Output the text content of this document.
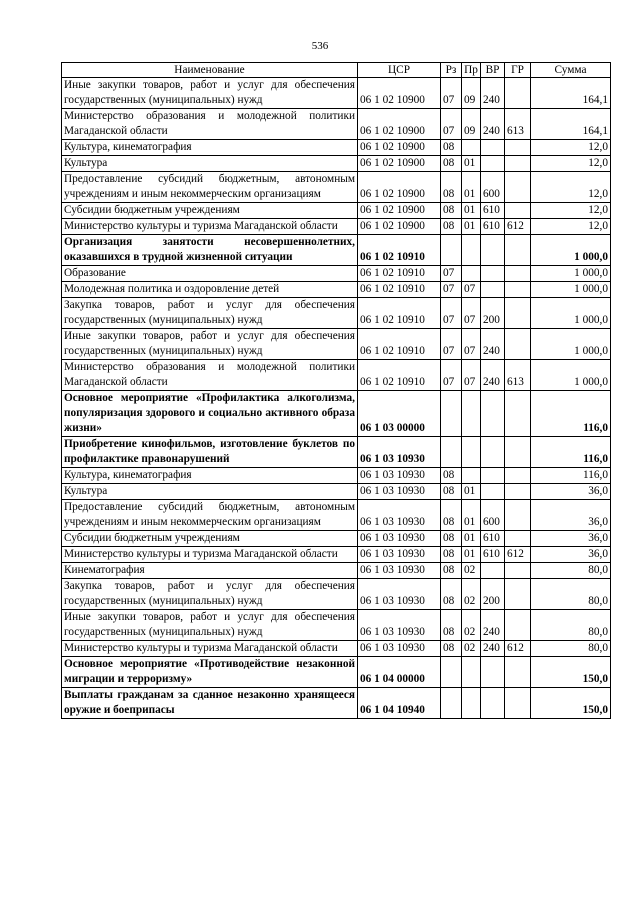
536
Наименование	ЦСР	Рз	Пр	ВР	ГР	Сумма
Иные закупки товаров, работ и услуг для обеспечения государственных (муниципальных) нужд	06 1 02 10900	07	09	240		164,1
Министерство образования и молодежной политики Магаданской области	06 1 02 10900	07	09	240	613	164,1
Культура, кинематография	06 1 02 10900	08				12,0
Культура	06 1 02 10900	08	01			12,0
Предоставление субсидий бюджетным, автономным учреждениям и иным некоммерческим организациям	06 1 02 10900	08	01	600		12,0
Субсидии бюджетным учреждениям	06 1 02 10900	08	01	610		12,0
Министерство культуры и туризма Магаданской области	06 1 02 10900	08	01	610	612	12,0
Организация занятости несовершеннолетних, оказавшихся в трудной жизненной ситуации	06 1 02 10910					1 000,0
Образование	06 1 02 10910	07				1 000,0
Молодежная политика и оздоровление детей	06 1 02 10910	07	07			1 000,0
Закупка товаров, работ и услуг для обеспечения государственных (муниципальных) нужд	06 1 02 10910	07	07	200		1 000,0
Иные закупки товаров, работ и услуг для обеспечения государственных (муниципальных) нужд	06 1 02 10910	07	07	240		1 000,0
Министерство образования и молодежной политики Магаданской области	06 1 02 10910	07	07	240	613	1 000,0
Основное мероприятие «Профилактика алкоголизма, популяризация здорового и социально активного образа жизни»	06 1 03 00000					116,0
Приобретение кинофильмов, изготовление буклетов по профилактике правонарушений	06 1 03 10930					116,0
Культура, кинематография	06 1 03 10930	08				116,0
Культура	06 1 03 10930	08	01			36,0
Предоставление субсидий бюджетным, автономным учреждениям и иным некоммерческим организациям	06 1 03 10930	08	01	600		36,0
Субсидии бюджетным учреждениям	06 1 03 10930	08	01	610		36,0
Министерство культуры и туризма Магаданской области	06 1 03 10930	08	01	610	612	36,0
Кинематография	06 1 03 10930	08	02			80,0
Закупка товаров, работ и услуг для обеспечения государственных (муниципальных) нужд	06 1 03 10930	08	02	200		80,0
Иные закупки товаров, работ и услуг для обеспечения государственных (муниципальных) нужд	06 1 03 10930	08	02	240		80,0
Министерство культуры и туризма Магаданской области	06 1 03 10930	08	02	240	612	80,0
Основное мероприятие «Противодействие незаконной миграции и терроризму»	06 1 04 00000					150,0
Выплаты гражданам за сданное незаконно хранящееся оружие и боеприпасы	06 1 04 10940					150,0
